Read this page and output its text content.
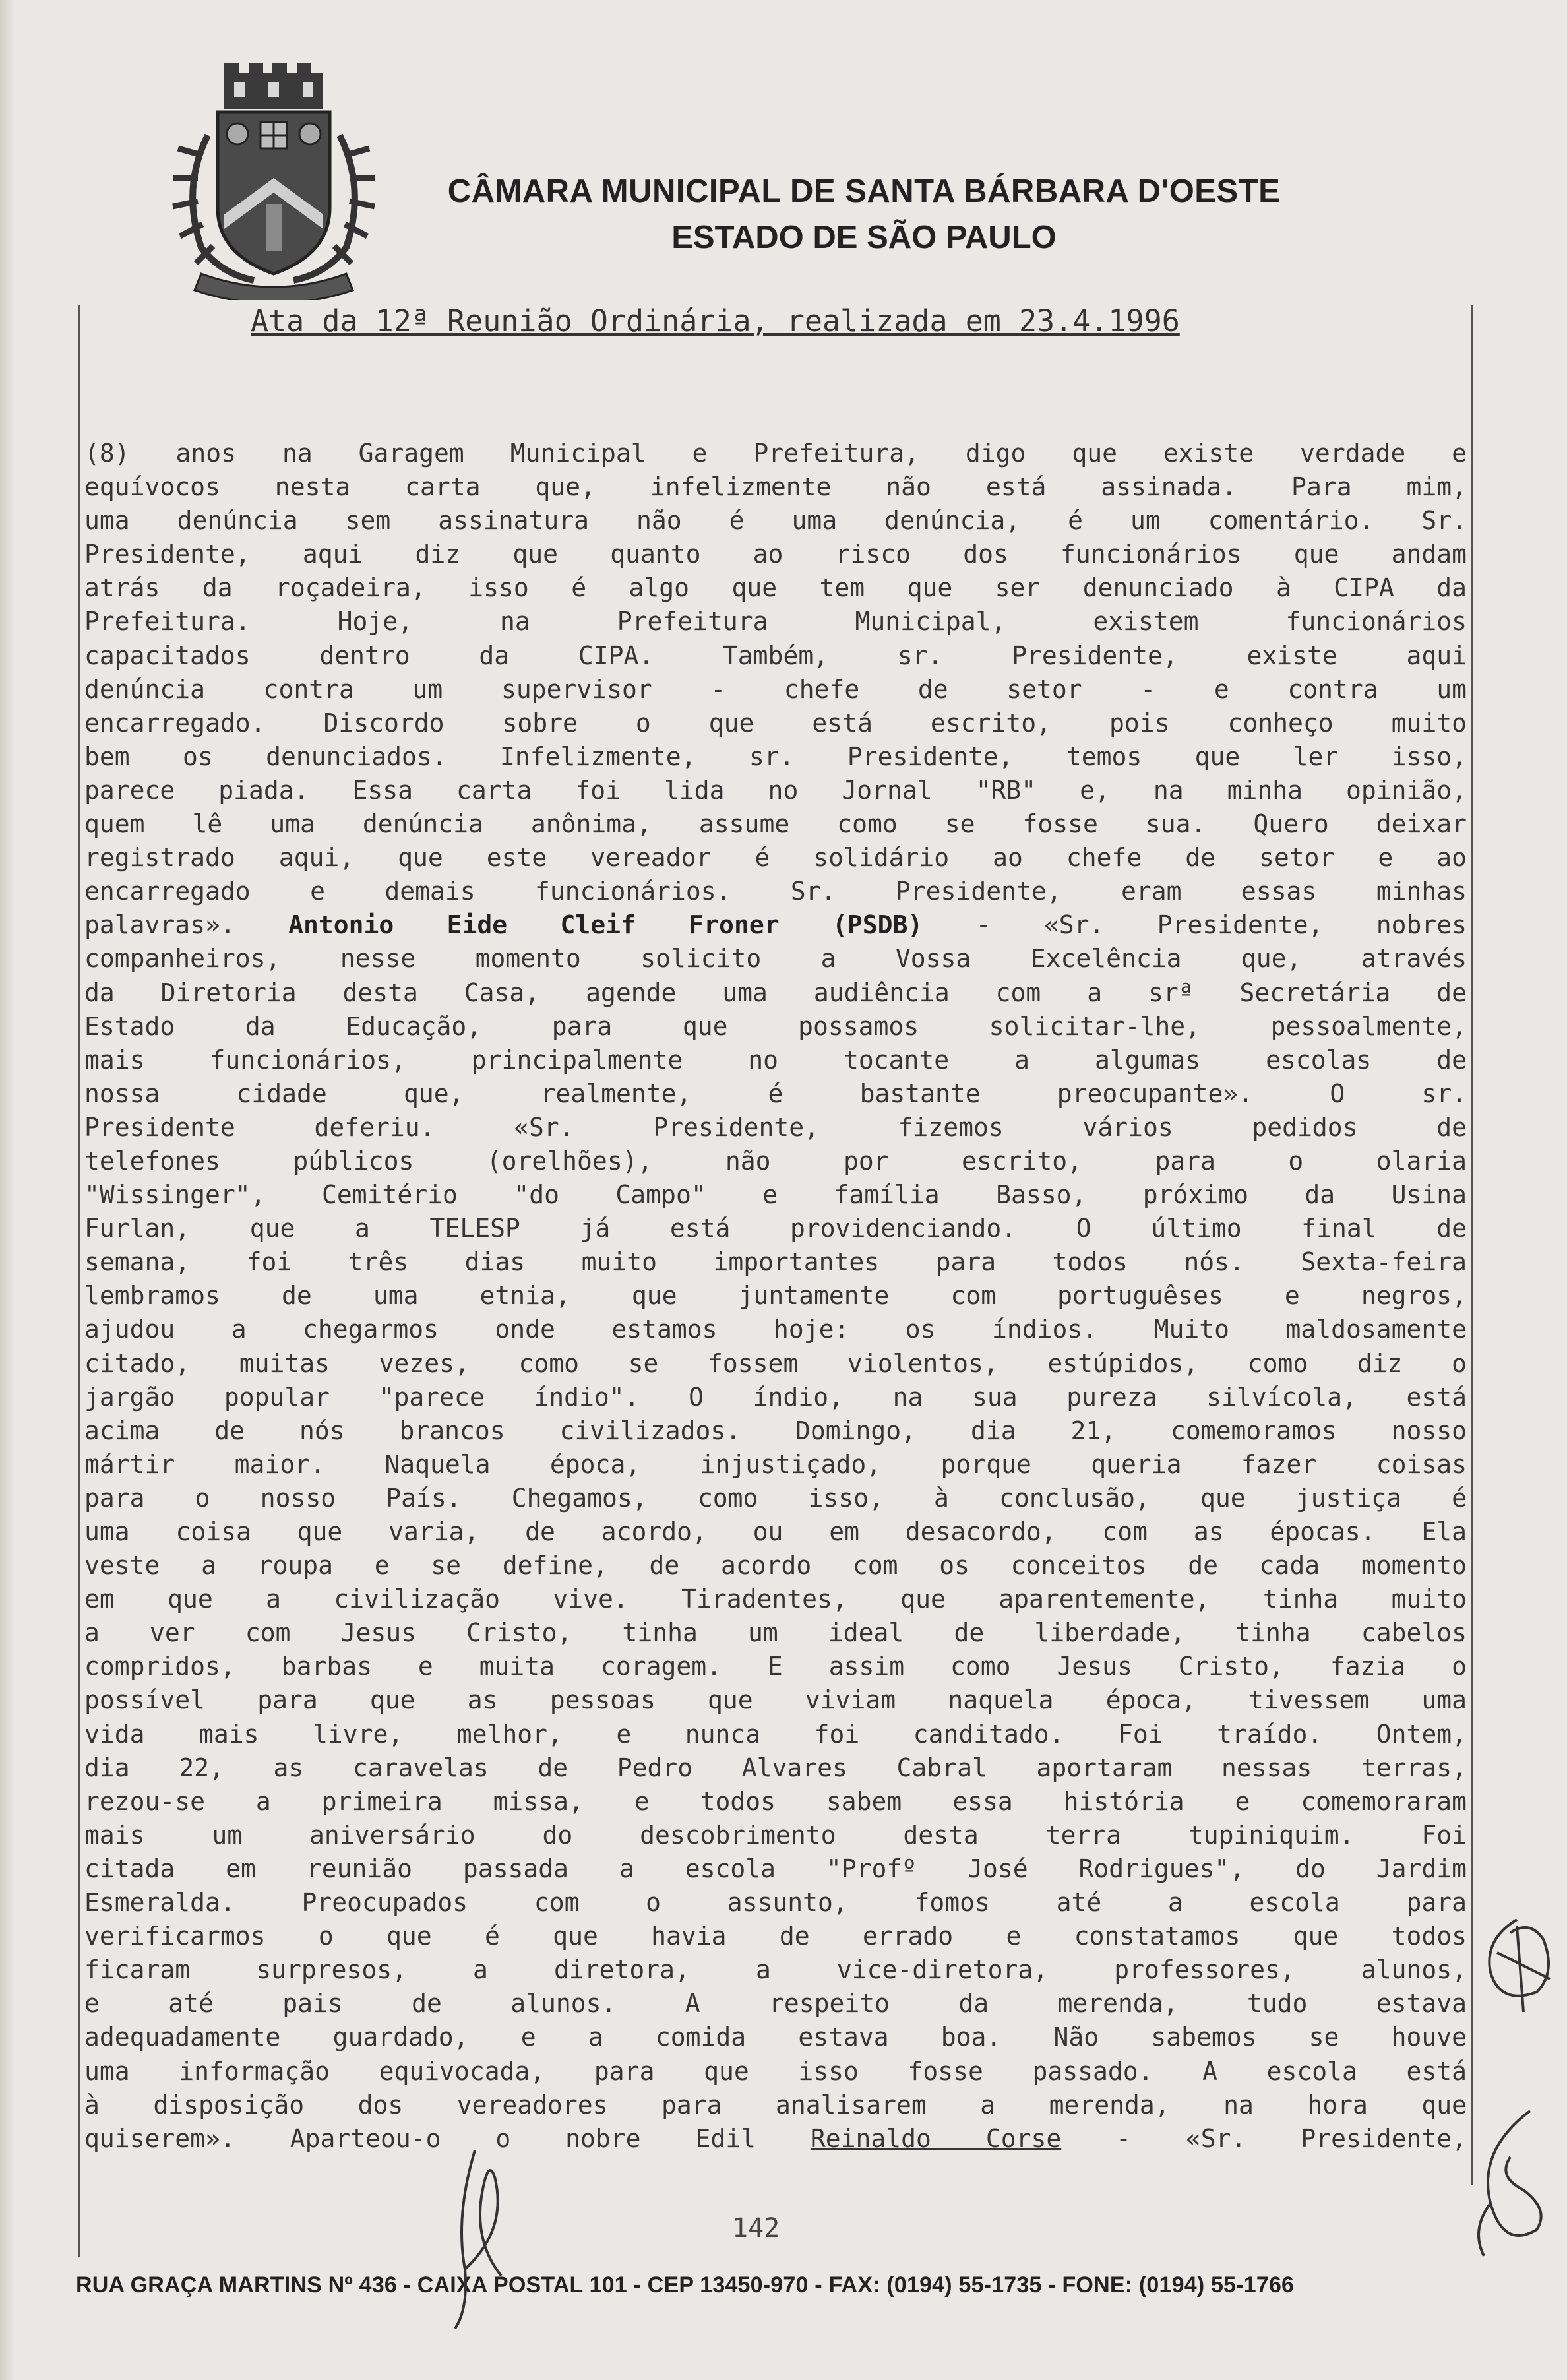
CÂMARA MUNICIPAL DE SANTA BÁRBARA D'OESTE
ESTADO DE SÃO PAULO
Ata da 12ª Reunião Ordinária, realizada em 23.4.1996
(8) anos na Garagem Municipal e Prefeitura, digo que existe verdade e
equívocos nesta carta que, infelizmente não está assinada. Para mim,
uma denúncia sem assinatura não é uma denúncia, é um comentário. Sr.
Presidente, aqui diz que quanto ao risco dos funcionários que andam
atrás da roçadeira, isso é algo que tem que ser denunciado à CIPA da
Prefeitura. Hoje, na Prefeitura Municipal, existem funcionários
capacitados dentro da CIPA. Também, sr. Presidente, existe aqui
denúncia contra um supervisor - chefe de setor - e contra um
encarregado. Discordo sobre o que está escrito, pois conheço muito
bem os denunciados. Infelizmente, sr. Presidente, temos que ler isso,
parece piada. Essa carta foi lida no Jornal "RB" e, na minha opinião,
quem lê uma denúncia anônima, assume como se fosse sua. Quero deixar
registrado aqui, que este vereador é solidário ao chefe de setor e ao
encarregado e demais funcionários. Sr. Presidente, eram essas minhas
palavras». Antonio Eide Cleif Froner (PSDB) - «Sr. Presidente, nobres
companheiros, nesse momento solicito a Vossa Excelência que, através
da Diretoria desta Casa, agende uma audiência com a srª Secretária de
Estado da Educação, para que possamos solicitar-lhe, pessoalmente,
mais funcionários, principalmente no tocante a algumas escolas de
nossa cidade que, realmente, é bastante preocupante». O sr.
Presidente deferiu. «Sr. Presidente, fizemos vários pedidos de
telefones públicos (orelhões), não por escrito, para o olaria
"Wissinger", Cemitério "do Campo" e família Basso, próximo da Usina
Furlan, que a TELESP já está providenciando. O último final de
semana, foi três dias muito importantes para todos nós. Sexta-feira
lembramos de uma etnia, que juntamente com portuguêses e negros,
ajudou a chegarmos onde estamos hoje: os índios. Muito maldosamente
citado, muitas vezes, como se fossem violentos, estúpidos, como diz o
jargão popular "parece índio". O índio, na sua pureza silvícola, está
acima de nós brancos civilizados. Domingo, dia 21, comemoramos nosso
mártir maior. Naquela época, injustiçado, porque queria fazer coisas
para o nosso País. Chegamos, como isso, à conclusão, que justiça é
uma coisa que varia, de acordo, ou em desacordo, com as épocas. Ela
veste a roupa e se define, de acordo com os conceitos de cada momento
em que a civilização vive. Tiradentes, que aparentemente, tinha muito
a ver com Jesus Cristo, tinha um ideal de liberdade, tinha cabelos
compridos, barbas e muita coragem. E assim como Jesus Cristo, fazia o
possível para que as pessoas que viviam naquela época, tivessem uma
vida mais livre, melhor, e nunca foi canditado. Foi traído. Ontem,
dia 22, as caravelas de Pedro Alvares Cabral aportaram nessas terras,
rezou-se a primeira missa, e todos sabem essa história e comemoraram
mais um aniversário do descobrimento desta terra tupiniquim. Foi
citada em reunião passada a escola "Profº José Rodrigues", do Jardim
Esmeralda. Preocupados com o assunto, fomos até a escola para
verificarmos o que é que havia de errado e constatamos que todos
ficaram surpresos, a diretora, a vice-diretora, professores, alunos,
e até pais de alunos. A respeito da merenda, tudo estava
adequadamente guardado, e a comida estava boa. Não sabemos se houve
uma informação equivocada, para que isso fosse passado. A escola está
à disposição dos vereadores para analisarem a merenda, na hora que
quiserem». Aparteou-o o nobre Edil Reinaldo Corse - «Sr. Presidente,
142
RUA GRAÇA MARTINS Nº 436 - CAIXA POSTAL 101 - CEP 13450-970 - FAX: (0194) 55-1735 - FONE: (0194) 55-1766
